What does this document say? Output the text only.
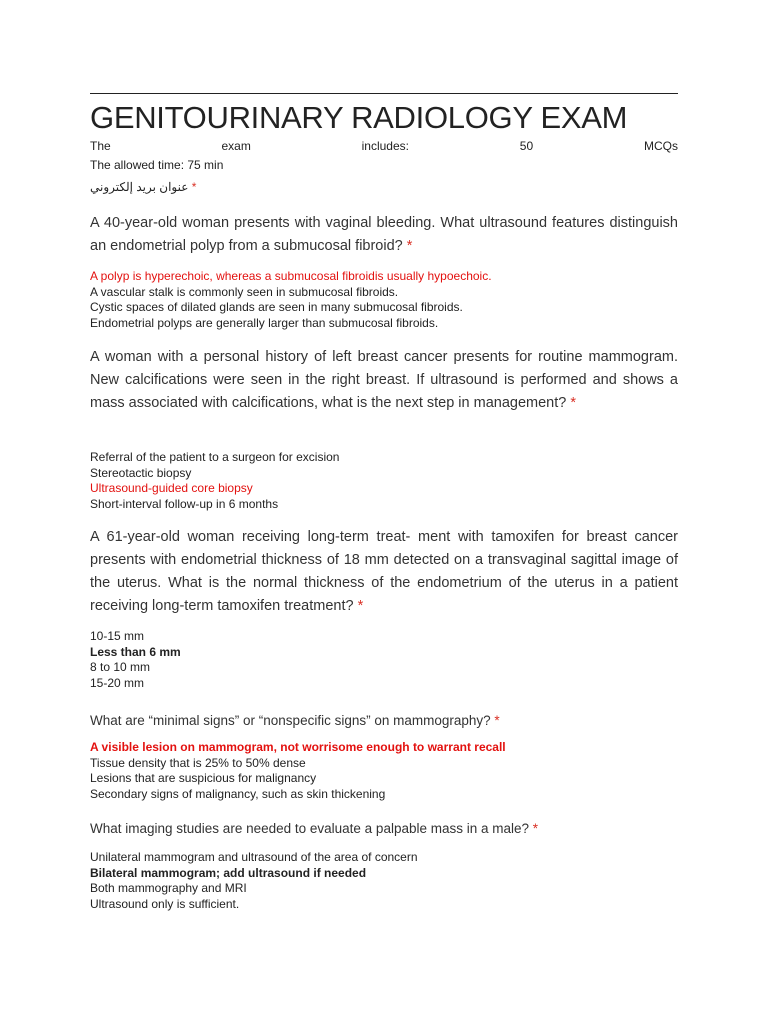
GENITOURINARY RADIOLOGY EXAM
The	exam	includes:	50	MCQs
The allowed time: 75 min
عنوان بريد إلكتروني *
A 40-year-old woman presents with vaginal bleeding. What ultrasound features distinguish an endometrial polyp from a submucosal fibroid? *
A polyp is hyperechoic, whereas a submucosal fibroidis usually hypoechoic.
A vascular stalk is commonly seen in submucosal fibroids.
Cystic spaces of dilated glands are seen in many submucosal fibroids.
Endometrial polyps are generally larger than submucosal fibroids.
A woman with a personal history of left breast cancer presents for routine mammogram. New calcifications were seen in the right breast. If ultrasound is performed and shows a mass associated with calcifications, what is the next step in management? *
Referral of the patient to a surgeon for excision
Stereotactic biopsy
Ultrasound-guided core biopsy
Short-interval follow-up in 6 months
A 61-year-old woman receiving long-term treat- ment with tamoxifen for breast cancer presents with endometrial thickness of 18 mm detected on a transvaginal sagittal image of the uterus. What is the normal thickness of the endometrium of the uterus in a patient receiving long-term tamoxifen treatment? *
10-15 mm
Less than 6 mm
8 to 10 mm
15-20 mm
What are “minimal signs” or “nonspecific signs” on mammography? *
A visible lesion on mammogram, not worrisome enough to warrant recall
Tissue density that is 25% to 50% dense
Lesions that are suspicious for malignancy
Secondary signs of malignancy, such as skin thickening
What imaging studies are needed to evaluate a palpable mass in a male? *
Unilateral mammogram and ultrasound of the area of concern
Bilateral mammogram; add ultrasound if needed
Both mammography and MRI
Ultrasound only is sufficient.
